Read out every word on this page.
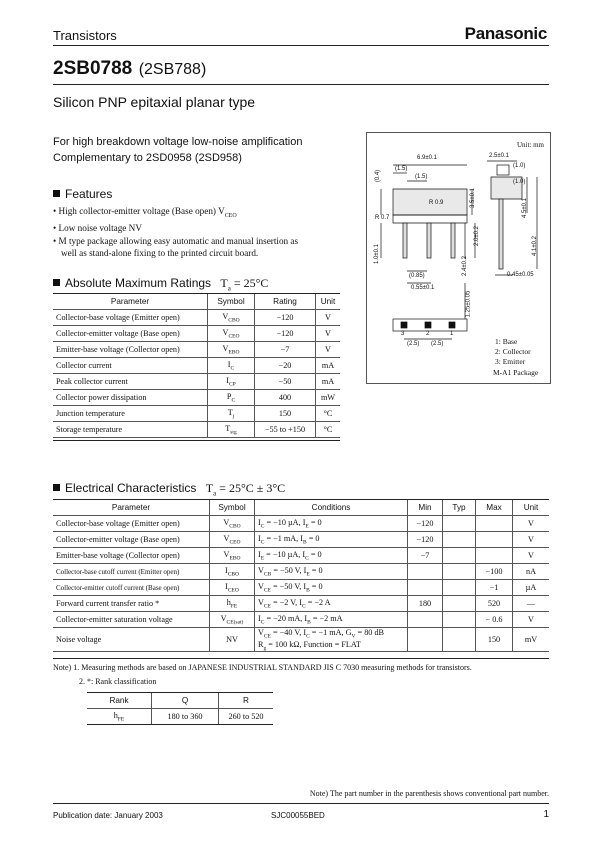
Transistors	Panasonic
2SB0788 (2SB788)
Silicon PNP epitaxial planar type
For high breakdown voltage low-noise amplification
Complementary to 2SD0958 (2SD958)
Features
• High collector-emitter voltage (Base open) $V_{CEO}$
• Low noise voltage NV
• M type package allowing easy automatic and manual insertion as
well as stand-alone fixing to the printed circuit board.
Absolute Maximum Ratings $T_a = 25^\circ C$
Parameter	Symbol	Rating	Unit
Collector-base voltage (Emitter open)	$V_{CBO}$	−120	V
Collector-emitter voltage (Base open)	$V_{CEO}$	−120	V
Emitter-base voltage (Collector open)	$V_{EBO}$	−7	V
Collector current	$I_C$	−20	mA
Peak collector current	$I_{CP}$	−50	mA
Collector power dissipation	$P_C$	400	mW
Junction temperature	$T_j$	150	°C
Storage temperature	$T_{stg}$	−55 to +150	°C
Unit: mm
6.9±0.1
(1.5)
(1.5)
(0.4)
R 0.9
R 0.7
3.5±0.1
1.0±0.1
2.0±0.2
2.4±0.2
(0.85)
0.55±0.1
1.25±0.05
2.5±0.1
(1.0)
(1.0)
4.5±0.1
4.1±0.2
0.45±0.05
(2.5) (2.5)
3	2	1
1: Base
2: Collector
3: Emitter
M-A1 Package
Electrical Characteristics $T_a = 25^\circ C \pm 3^\circ C$
Parameter	Symbol	Conditions	Min	Typ	Max	Unit
Collector-base voltage (Emitter open)	$V_{CBO}$	$I_C = -10$ µA, $I_E = 0$	−120			V
Collector-emitter voltage (Base open)	$V_{CEO}$	$I_C = -1$ mA, $I_B = 0$	−120			V
Emitter-base voltage (Collector open)	$V_{EBO}$	$I_E = -10$ µA, $I_C = 0$	−7			V
Collector-base cutoff current (Emitter open)	$I_{CBO}$	$V_{CB} = -50$ V, $I_E = 0$			−100	nA
Collector-emitter cutoff current (Base open)	$I_{CEO}$	$V_{CE} = -50$ V, $I_B = 0$			−1	µA
Forward current transfer ratio *	$h_{FE}$	$V_{CE} = -2$ V, $I_C = -2$ A	180		520	—
Collector-emitter saturation voltage	$V_{CE(sat)}$	$I_C = -20$ mA, $I_B = -2$ mA			− 0.6	V
Noise voltage	NV	$V_{CE} = -40$ V, $I_C = -1$ mA, $G_V = 80$ dB
$R_g = 100$ kΩ, Function = FLAT			150	mV
Note) 1. Measuring methods are based on JAPANESE INDUSTRIAL STANDARD JIS C 7030 measuring methods for transistors.
2. *: Rank classification
Rank	Q	R
$h_{FE}$	180 to 360	260 to 520
Note) The part number in the parenthesis shows conventional part number.
Publication date: January 2003	SJC00055BED	1
